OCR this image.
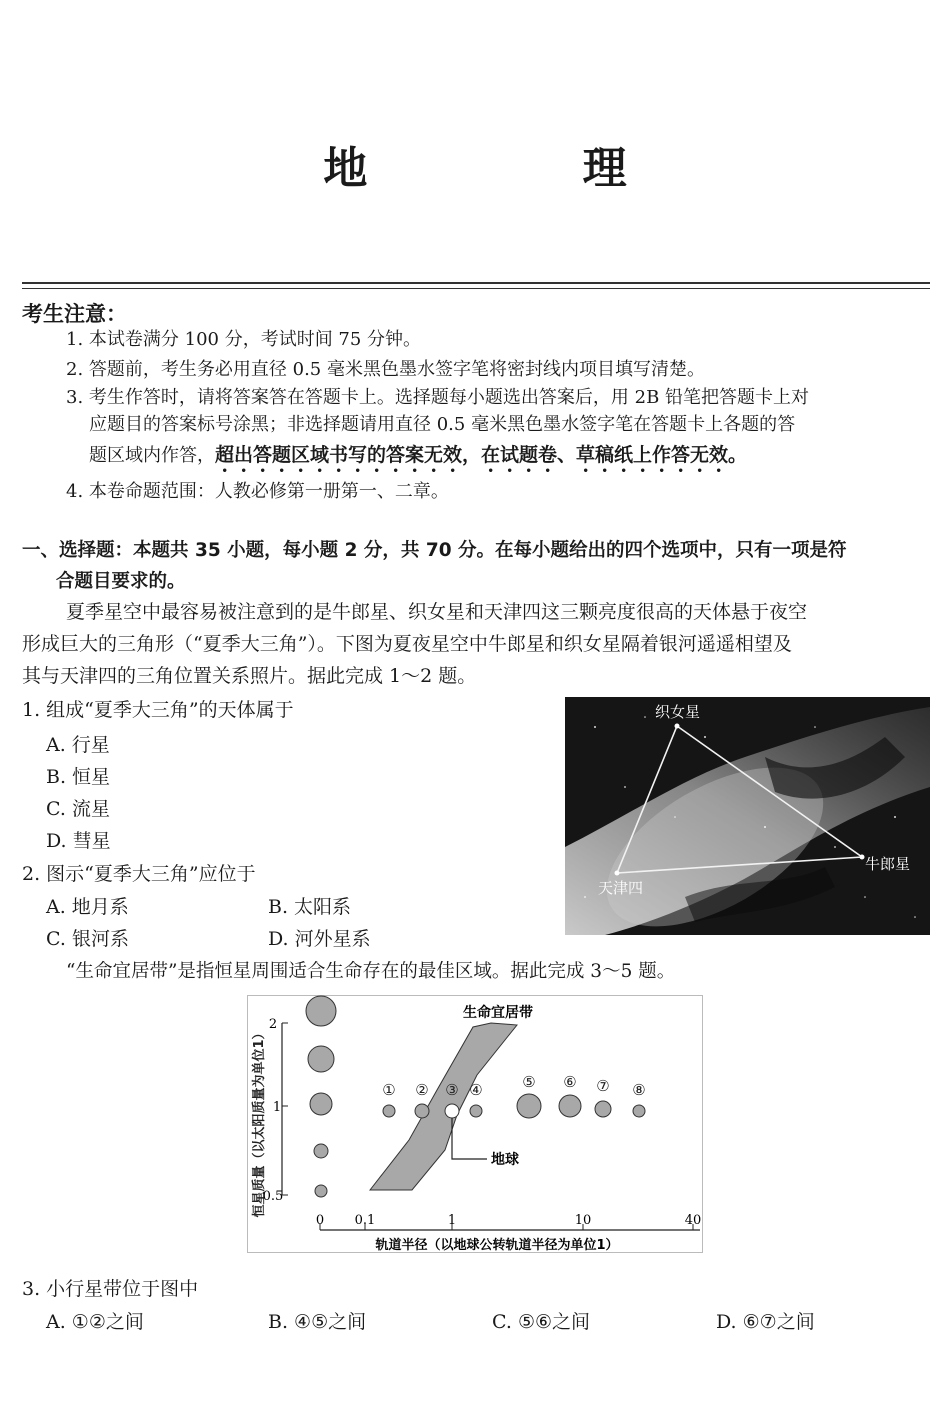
地 理
考生注意：
1. 本试卷满分 100 分，考试时间 75 分钟。
2. 答题前，考生务必用直径 0.5 毫米黑色墨水签字笔将密封线内项目填写清楚。
3. 考生作答时，请将答案答在答题卡上。选择题每小题选出答案后，用 2B 铅笔把答题卡上对
应题目的答案标号涂黑；非选择题请用直径 0.5 毫米黑色墨水签字笔在答题卡上各题的答
题区域内作答，超出答题区域书写的答案无效，在试题卷、草稿纸上作答无效。
4. 本卷命题范围：人教必修第一册第一、二章。
一、选择题：本题共 35 小题，每小题 2 分，共 70 分。在每小题给出的四个选项中，只有一项是符
合题目要求的。
夏季星空中最容易被注意到的是牛郎星、织女星和天津四这三颗亮度很高的天体悬于夜空
形成巨大的三角形（“夏季大三角”）。下图为夏夜星空中牛郎星和织女星隔着银河遥遥相望及
其与天津四的三角位置关系照片。据此完成 1～2 题。
1. 组成“夏季大三角”的天体属于
A. 行星
B. 恒星
C. 流星
D. 彗星
2. 图示“夏季大三角”应位于
A. 地月系	B. 太阳系
C. 银河系	D. 河外星系
织女星
牛郎星
天津四
“生命宜居带”是指恒星周围适合生命存在的最佳区域。据此完成 3～5 题。
恒星质量（以太阳质量为单位1）
2
1
0.5
0 0.1	1	10	40
轨道半径（以地球公转轨道半径为单位1）
生命宜居带
① ② ③ ④	⑤ ⑥ ⑦ ⑧
地球
3. 小行星带位于图中
A. ①②之间	B. ④⑤之间	C. ⑤⑥之间	D. ⑥⑦之间
